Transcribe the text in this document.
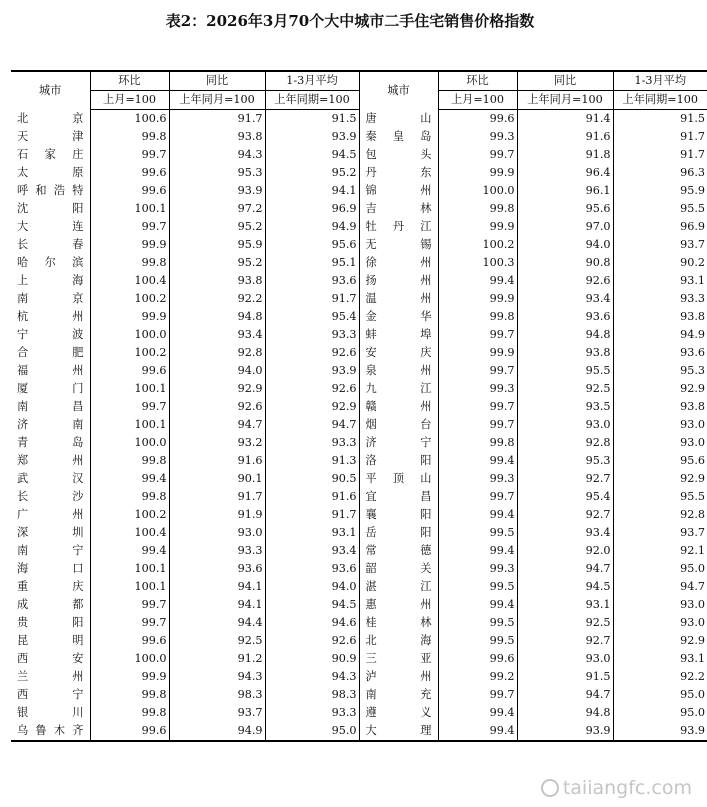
表2：2026年3月70个大中城市二手住宅销售价格指数
城市	环比	同比	1-3月平均	城市	环比	同比	1-3月平均
	上月=100	上年同月=100	上年同期=100		上月=100	上年同月=100	上年同期=100
北京	100.6	91.7	91.5	唐山	99.6	91.4	91.5
天津	99.8	93.8	93.9	秦皇岛	99.3	91.6	91.7
石家庄	99.7	94.3	94.5	包头	99.7	91.8	91.7
太原	99.6	95.3	95.2	丹东	99.9	96.4	96.3
呼和浩特	99.6	93.9	94.1	锦州	100.0	96.1	95.9
沈阳	100.1	97.2	96.9	吉林	99.8	95.6	95.5
大连	99.7	95.2	94.9	牡丹江	99.9	97.0	96.9
长春	99.9	95.9	95.6	无锡	100.2	94.0	93.7
哈尔滨	99.8	95.2	95.1	徐州	100.3	90.8	90.2
上海	100.4	93.8	93.6	扬州	99.4	92.6	93.1
南京	100.2	92.2	91.7	温州	99.9	93.4	93.3
杭州	99.9	94.8	95.4	金华	99.8	93.6	93.8
宁波	100.0	93.4	93.3	蚌埠	99.7	94.8	94.9
合肥	100.2	92.8	92.6	安庆	99.9	93.8	93.6
福州	99.6	94.0	93.9	泉州	99.7	95.5	95.3
厦门	100.1	92.9	92.6	九江	99.3	92.5	92.9
南昌	99.7	92.6	92.9	赣州	99.7	93.5	93.8
济南	100.1	94.7	94.7	烟台	99.7	93.0	93.0
青岛	100.0	93.2	93.3	济宁	99.8	92.8	93.0
郑州	99.8	91.6	91.3	洛阳	99.4	95.3	95.6
武汉	99.4	90.1	90.5	平顶山	99.3	92.7	92.9
长沙	99.8	91.7	91.6	宜昌	99.7	95.4	95.5
广州	100.2	91.9	91.7	襄阳	99.4	92.7	92.8
深圳	100.4	93.0	93.1	岳阳	99.5	93.4	93.7
南宁	99.4	93.3	93.4	常德	99.4	92.0	92.1
海口	100.1	93.6	93.6	韶关	99.3	94.7	95.0
重庆	100.1	94.1	94.0	湛江	99.5	94.5	94.7
成都	99.7	94.1	94.5	惠州	99.4	93.1	93.0
贵阳	99.7	94.4	94.6	桂林	99.5	92.5	93.0
昆明	99.6	92.5	92.6	北海	99.5	92.7	92.9
西安	100.0	91.2	90.9	三亚	99.6	93.0	93.1
兰州	99.9	94.3	94.3	泸州	99.2	91.5	92.2
西宁	99.8	98.3	98.3	南充	99.7	94.7	95.0
银川	99.8	93.7	93.3	遵义	99.4	94.8	95.0
乌鲁木齐	99.6	94.9	95.0	大理	99.4	93.9	93.9
taiiangfc.com
